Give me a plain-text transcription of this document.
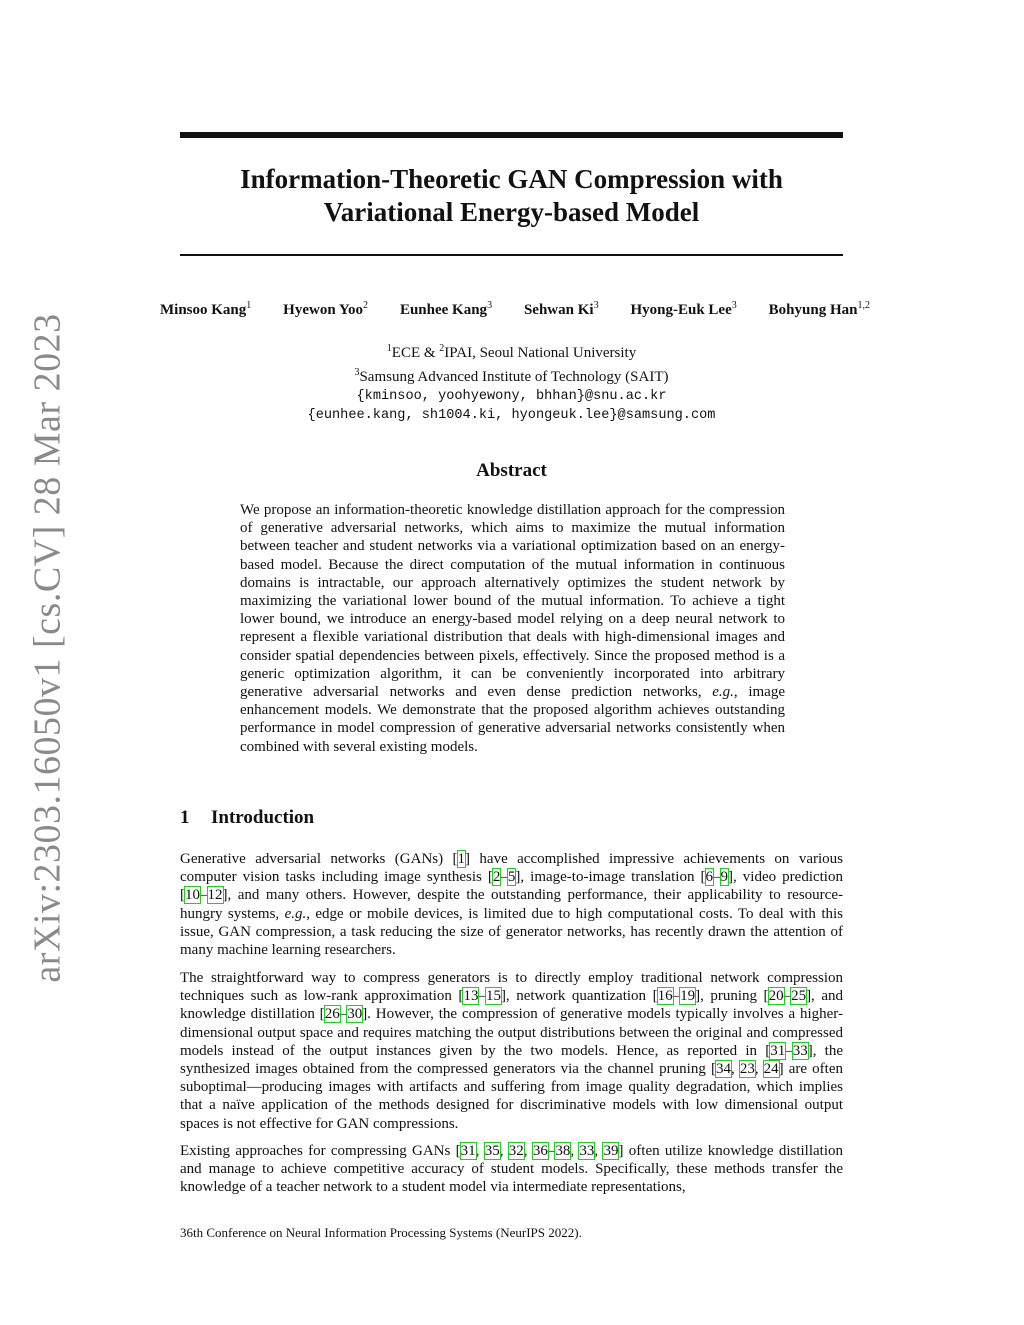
arXiv:2303.16050v1 [cs.CV] 28 Mar 2023
Information-Theoretic GAN Compression with
Variational Energy-based Model
Minsoo Kang$^1$ Hyewon Yoo$^2$ Eunhee Kang$^3$ Sehwan Ki$^3$ Hyong-Euk Lee$^3$ Bohyung Han$^{1,2}$
$^1$ECE & $^2$IPAI, Seoul National University
$^3$Samsung Advanced Institute of Technology (SAIT)
{kminsoo, yoohyewony, bhhan}@snu.ac.kr
{eunhee.kang, sh1004.ki, hyongeuk.lee}@samsung.com
Abstract

We propose an information-theoretic knowledge distillation approach for the compression of generative adversarial networks, which aims to maximize the mutual information between teacher and student networks via a variational optimization based on an energy-based model. Because the direct computation of the mutual information in continuous domains is intractable, our approach alternatively optimizes the student network by maximizing the variational lower bound of the mutual information. To achieve a tight lower bound, we introduce an energy-based model relying on a deep neural network to represent a flexible variational distribution that deals with high-dimensional images and consider spatial dependencies between pixels, effectively. Since the proposed method is a generic optimization algorithm, it can be conveniently incorporated into arbitrary generative adversarial networks and even dense prediction networks, e.g., image enhancement models. We demonstrate that the proposed algorithm achieves outstanding performance in model compression of generative adversarial networks consistently when combined with several existing models.

1 Introduction

Generative adversarial networks (GANs) [1] have accomplished impressive achievements on various computer vision tasks including image synthesis [2–5], image-to-image translation [6–9], video prediction [10–12], and many others. However, despite the outstanding performance, their applicability to resource-hungry systems, e.g., edge or mobile devices, is limited due to high computational costs. To deal with this issue, GAN compression, a task reducing the size of generator networks, has recently drawn the attention of many machine learning researchers.

The straightforward way to compress generators is to directly employ traditional network compression techniques such as low-rank approximation [13–15], network quantization [16–19], pruning [20–25], and knowledge distillation [26–30]. However, the compression of generative models typically involves a higher-dimensional output space and requires matching the output distributions between the original and compressed models instead of the output instances given by the two models. Hence, as reported in [31–33], the synthesized images obtained from the compressed generators via the channel pruning [34, 23, 24] are often suboptimal—producing images with artifacts and suffering from image quality degradation, which implies that a naïve application of the methods designed for discriminative models with low dimensional output spaces is not effective for GAN compressions.

Existing approaches for compressing GANs [31, 35, 32, 36–38, 33, 39] often utilize knowledge distillation and manage to achieve competitive accuracy of student models. Specifically, these methods transfer the knowledge of a teacher network to a student model via intermediate representations,

36th Conference on Neural Information Processing Systems (NeurIPS 2022).
